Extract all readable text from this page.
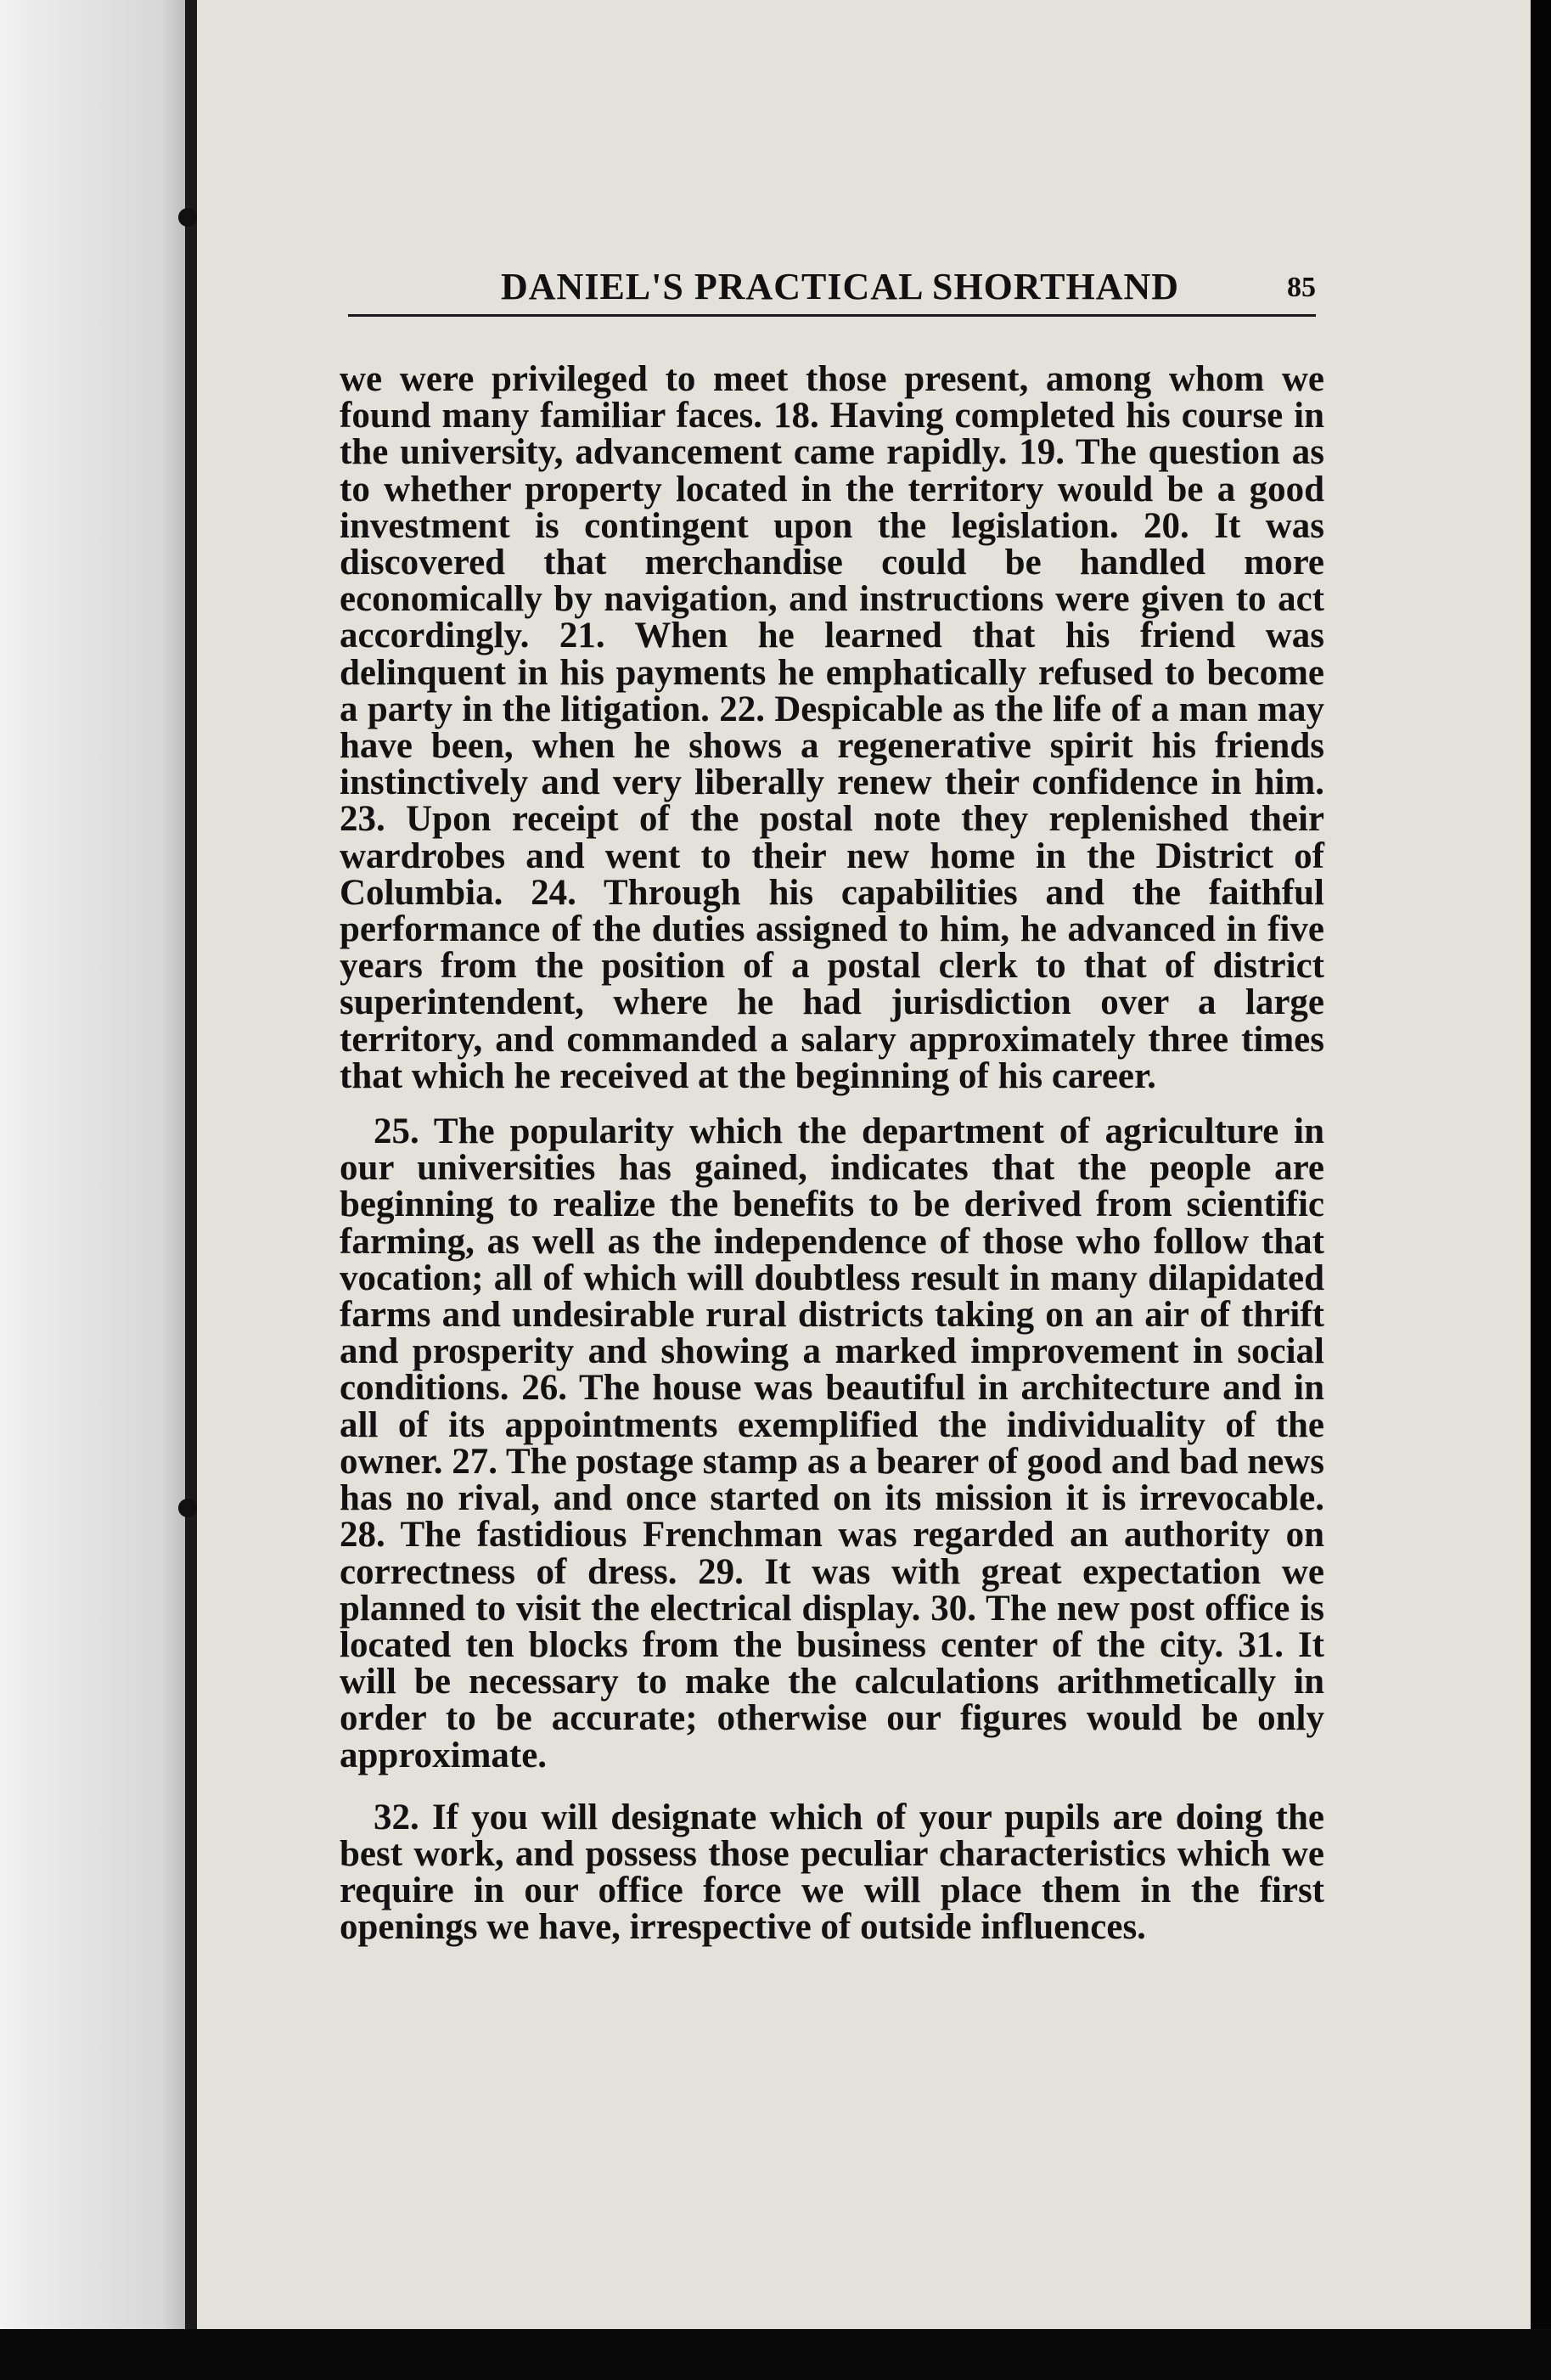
DANIEL'S PRACTICAL SHORTHAND	85

we were privileged to meet those present, among whom we found many familiar faces. 18. Having completed his course in the university, advancement came rapidly. 19. The question as to whether property located in the territory would be a good investment is contingent upon the legislation. 20. It was discovered that merchandise could be handled more economically by navigation, and instructions were given to act accordingly. 21. When he learned that his friend was delinquent in his payments he emphatically refused to become a party in the litigation. 22. Despicable as the life of a man may have been, when he shows a regenerative spirit his friends instinctively and very liberally renew their confidence in him. 23. Upon receipt of the postal note they replenished their wardrobes and went to their new home in the District of Columbia. 24. Through his capabilities and the faithful performance of the duties assigned to him, he advanced in five years from the position of a postal clerk to that of district superintendent, where he had jurisdiction over a large territory, and commanded a salary approximately three times that which he received at the beginning of his career.

25. The popularity which the department of agriculture in our universities has gained, indicates that the people are beginning to realize the benefits to be derived from scientific farming, as well as the independence of those who follow that vocation; all of which will doubtless result in many dilapidated farms and undesirable rural districts taking on an air of thrift and prosperity and showing a marked improvement in social conditions. 26. The house was beautiful in architecture and in all of its appointments exemplified the individuality of the owner. 27. The postage stamp as a bearer of good and bad news has no rival, and once started on its mission it is irrevocable. 28. The fastidious Frenchman was regarded an authority on correctness of dress. 29. It was with great expectation we planned to visit the electrical display. 30. The new post office is located ten blocks from the business center of the city. 31. It will be necessary to make the calculations arithmetically in order to be accurate; otherwise our figures would be only approximate.

32. If you will designate which of your pupils are doing the best work, and possess those peculiar characteristics which we require in our office force we will place them in the first openings we have, irrespective of outside influences.
